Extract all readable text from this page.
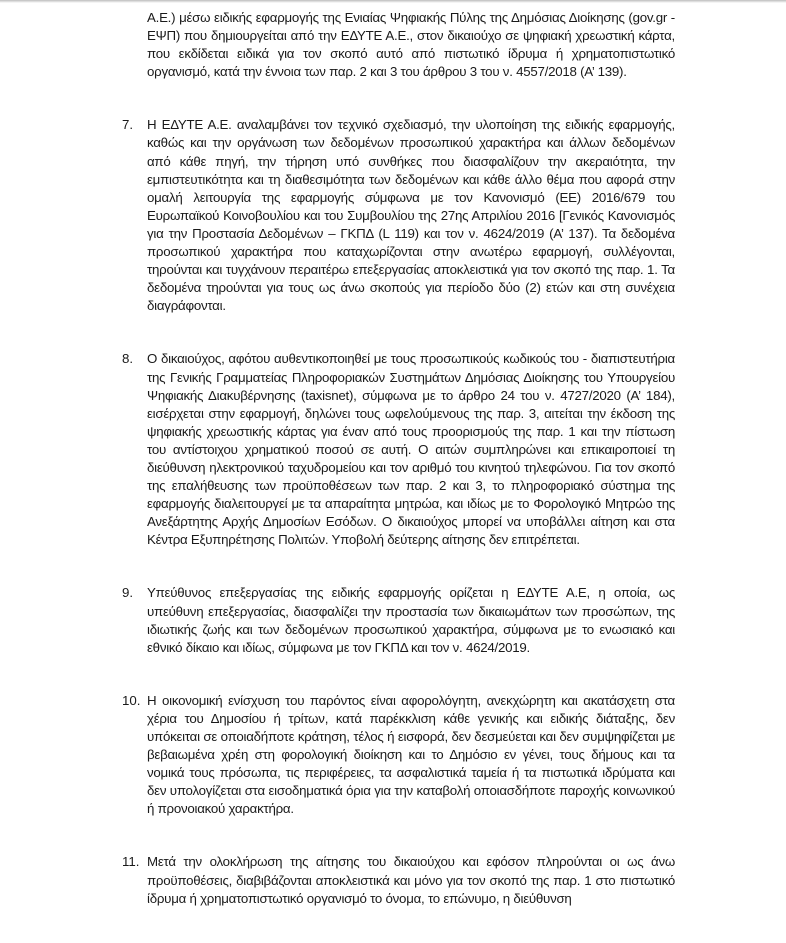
Α.Ε.) μέσω ειδικής εφαρμογής της Ενιαίας Ψηφιακής Πύλης της Δημόσιας Διοίκησης (gov.gr - ΕΨΠ) που δημιουργείται από την ΕΔΥΤΕ Α.Ε., στον δικαιούχο σε ψηφιακή χρεωστική κάρτα, που εκδίδεται ειδικά για τον σκοπό αυτό από πιστωτικό ίδρυμα ή χρηματοπιστωτικό οργανισμό, κατά την έννοια των παρ. 2 και 3 του άρθρου 3 του ν. 4557/2018 (Α’ 139).

7.	Η ΕΔΥΤΕ Α.Ε. αναλαμβάνει τον τεχνικό σχεδιασμό, την υλοποίηση της ειδικής εφαρμογής, καθώς και την οργάνωση των δεδομένων προσωπικού χαρακτήρα και άλλων δεδομένων από κάθε πηγή, την τήρηση υπό συνθήκες που διασφαλίζουν την ακεραιότητα, την εμπιστευτικότητα και τη διαθεσιμότητα των δεδομένων και κάθε άλλο θέμα που αφορά στην ομαλή λειτουργία της εφαρμογής σύμφωνα με τον Κανονισμό (ΕΕ) 2016/679 του Ευρωπαϊκού Κοινοβουλίου και του Συμβουλίου της 27ης Απριλίου 2016 [Γενικός Κανονισμός για την Προστασία Δεδομένων – ΓΚΠΔ (L 119) και τον ν. 4624/2019 (Α’ 137). Τα δεδομένα προσωπικού χαρακτήρα που καταχωρίζονται στην ανωτέρω εφαρμογή, συλλέγονται, τηρούνται και τυγχάνουν περαιτέρω επεξεργασίας αποκλειστικά για τον σκοπό της παρ. 1. Τα δεδομένα τηρούνται για τους ως άνω σκοπούς για περίοδο δύο (2) ετών και στη συνέχεια διαγράφονται.

8.	Ο δικαιούχος, αφότου αυθεντικοποιηθεί με τους προσωπικούς κωδικούς του - διαπιστευτήρια της Γενικής Γραμματείας Πληροφοριακών Συστημάτων Δημόσιας Διοίκησης του Υπουργείου Ψηφιακής Διακυβέρνησης (taxisnet), σύμφωνα με το άρθρο 24 του ν. 4727/2020 (Α’ 184), εισέρχεται στην εφαρμογή, δηλώνει τους ωφελούμενους της παρ. 3, αιτείται την έκδοση της ψηφιακής χρεωστικής κάρτας για έναν από τους προορισμούς της παρ. 1 και την πίστωση του αντίστοιχου χρηματικού ποσού σε αυτή. Ο αιτών συμπληρώνει και επικαιροποιεί τη διεύθυνση ηλεκτρονικού ταχυδρομείου και τον αριθμό του κινητού τηλεφώνου. Για τον σκοπό της επαλήθευσης των προϋποθέσεων των παρ. 2 και 3, το πληροφοριακό σύστημα της εφαρμογής διαλειτουργεί με τα απαραίτητα μητρώα, και ιδίως με το Φορολογικό Μητρώο της Ανεξάρτητης Αρχής Δημοσίων Εσόδων. Ο δικαιούχος μπορεί να υποβάλλει αίτηση και στα Κέντρα Εξυπηρέτησης Πολιτών. Υποβολή δεύτερης αίτησης δεν επιτρέπεται.

9.	Υπεύθυνος επεξεργασίας της ειδικής εφαρμογής ορίζεται η ΕΔΥΤΕ Α.Ε, η οποία, ως υπεύθυνη επεξεργασίας, διασφαλίζει την προστασία των δικαιωμάτων των προσώπων, της ιδιωτικής ζωής και των δεδομένων προσωπικού χαρακτήρα, σύμφωνα με το ενωσιακό και εθνικό δίκαιο και ιδίως, σύμφωνα με τον ΓΚΠΔ και τον ν. 4624/2019.

10. Η οικονομική ενίσχυση του παρόντος είναι αφορολόγητη, ανεκχώρητη και ακατάσχετη στα χέρια του Δημοσίου ή τρίτων, κατά παρέκκλιση κάθε γενικής και ειδικής διάταξης, δεν υπόκειται σε οποιαδήποτε κράτηση, τέλος ή εισφορά, δεν δεσμεύεται και δεν συμψηφίζεται με βεβαιωμένα χρέη στη φορολογική διοίκηση και το Δημόσιο εν γένει, τους δήμους και τα νομικά τους πρόσωπα, τις περιφέρειες, τα ασφαλιστικά ταμεία ή τα πιστωτικά ιδρύματα και δεν υπολογίζεται στα εισοδηματικά όρια για την καταβολή οποιασδήποτε παροχής κοινωνικού ή προνοιακού χαρακτήρα.

11. Μετά την ολοκλήρωση της αίτησης του δικαιούχου και εφόσον πληρούνται οι ως άνω προϋποθέσεις, διαβιβάζονται αποκλειστικά και μόνο για τον σκοπό της παρ. 1 στο πιστωτικό ίδρυμα ή χρηματοπιστωτικό οργανισμό το όνομα, το επώνυμο, η διεύθυνση
